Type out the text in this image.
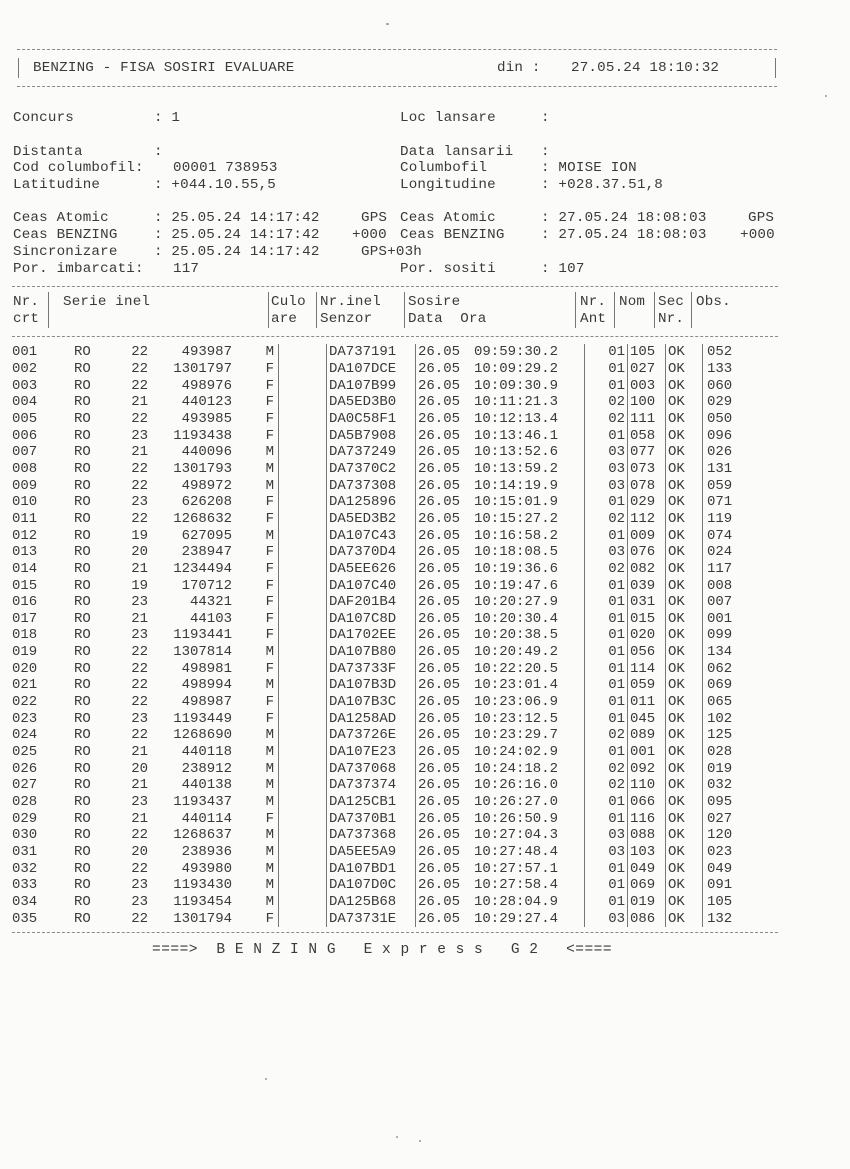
BENZING - FISA SOSIRI EVALUARE	din : 27.05.24 18:10:32
Concurs	: 1	Loc lansare	:
Distanta	:	Data lansarii :
Cod columbofil: 00001 738953	Columbofil	: MOISE ION
Latitudine	: +044.10.55,5	Longitudine	: +028.37.51,8
Ceas Atomic	: 25.05.24 14:17:42	GPS Ceas Atomic	: 27.05.24 18:08:03	GPS
Ceas BENZING	: 25.05.24 14:17:42 +000 Ceas BENZING	: 27.05.24 18:08:03 +000
Sincronizare	: 25.05.24 14:17:42	GPS+03h
Por. imbarcati: 117	Por. sositi	: 107
Nr.
crt
Serie inel	Culo
are
Nr.inel
Senzor
Sosire
Data  Ora
Nr.
Ant
Nom Sec
Nr.
Obs.
001	RO	22	493987	M		DA737191	26.05	09:59:30.2	01	105	OK	052
002	RO	22	1301797	F		DA107DCE	26.05	10:09:29.2	01	027	OK	133
003	RO	22	498976	F		DA107B99	26.05	10:09:30.9	01	003	OK	060
004	RO	21	440123	F		DA5ED3B0	26.05	10:11:21.3	02	100	OK	029
005	RO	22	493985	F		DA0C58F1	26.05	10:12:13.4	02	111	OK	050
006	RO	23	1193438	F		DA5B7908	26.05	10:13:46.1	01	058	OK	096
007	RO	21	440096	M		DA737249	26.05	10:13:52.6	03	077	OK	026
008	RO	22	1301793	M		DA7370C2	26.05	10:13:59.2	03	073	OK	131
009	RO	22	498972	M		DA737308	26.05	10:14:19.9	03	078	OK	059
010	RO	23	626208	F		DA125896	26.05	10:15:01.9	01	029	OK	071
011	RO	22	1268632	F		DA5ED3B2	26.05	10:15:27.2	02	112	OK	119
012	RO	19	627095	M		DA107C43	26.05	10:16:58.2	01	009	OK	074
013	RO	20	238947	F		DA7370D4	26.05	10:18:08.5	03	076	OK	024
014	RO	21	1234494	F		DA5EE626	26.05	10:19:36.6	02	082	OK	117
015	RO	19	170712	F		DA107C40	26.05	10:19:47.6	01	039	OK	008
016	RO	23	44321	F		DAF201B4	26.05	10:20:27.9	01	031	OK	007
017	RO	21	44103	F		DA107C8D	26.05	10:20:30.4	01	015	OK	001
018	RO	23	1193441	F		DA1702EE	26.05	10:20:38.5	01	020	OK	099
019	RO	22	1307814	M		DA107B80	26.05	10:20:49.2	01	056	OK	134
020	RO	22	498981	F		DA73733F	26.05	10:22:20.5	01	114	OK	062
021	RO	22	498994	M		DA107B3D	26.05	10:23:01.4	01	059	OK	069
022	RO	22	498987	F		DA107B3C	26.05	10:23:06.9	01	011	OK	065
023	RO	23	1193449	F		DA1258AD	26.05	10:23:12.5	01	045	OK	102
024	RO	22	1268690	M		DA73726E	26.05	10:23:29.7	02	089	OK	125
025	RO	21	440118	M		DA107E23	26.05	10:24:02.9	01	001	OK	028
026	RO	20	238912	M		DA737068	26.05	10:24:18.2	02	092	OK	019
027	RO	21	440138	M		DA737374	26.05	10:26:16.0	02	110	OK	032
028	RO	23	1193437	M		DA125CB1	26.05	10:26:27.0	01	066	OK	095
029	RO	21	440114	F		DA7370B1	26.05	10:26:50.9	01	116	OK	027
030	RO	22	1268637	M		DA737368	26.05	10:27:04.3	03	088	OK	120
031	RO	20	238936	M		DA5EE5A9	26.05	10:27:48.4	03	103	OK	023
032	RO	22	493980	M		DA107BD1	26.05	10:27:57.1	01	049	OK	049
033	RO	23	1193430	M		DA107D0C	26.05	10:27:58.4	01	069	OK	091
034	RO	23	1193454	M		DA125B68	26.05	10:28:04.9	01	019	OK	105
035	RO	22	1301794	F		DA73731E	26.05	10:29:27.4	03	086	OK	132
====>  B E N Z I N G   E x p r e s s   G 2   <====
